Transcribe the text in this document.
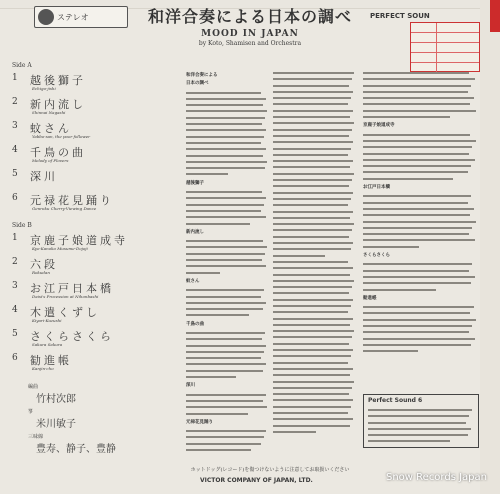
ステレオ	和洋合奏による日本の調べ
MOOD IN JAPAN
by Koto, Shamisen and Orchestra
PERFECT SOUN
Side A
1 越後獅子
Echigo-jishi
2 新内流し
Shinnai Nagashi
3 蚊さん
Yabbo-san, the poor follower
4 千鳥の曲
Melody of Plovers
5 深川
6 元禄花見踊り
Genroku Cherry-Viewing Dance
Side B
1 京鹿子娘道成寺
Kyo-Kanoko Musume-Dojoji
2 六段
Rokudan
3 お江戸日本橋
Daisi's Procession at Nihonbashi
4 木遣くずし
Kiyari-Kuzushi
5 さくらさくら
Sakura Sakura
6 勧進帳
Kanjin-cho
編曲
竹村次郎
箏
米川敏子
三味線
豊寿、静子、豊静
和洋合奏による
日本の調べ
越後獅子
新内流し
蚊さん
千鳥の曲
深川
元禄花見踊り
京鹿子娘道成寺
お江戸日本橋
さくらさくら
勧進帳
Perfect Sound 6
ホットドッグ(レコード)を傷つけないように注意してお取扱いください
VICTOR COMPANY OF JAPAN, LTD.	Snow Records Japan
